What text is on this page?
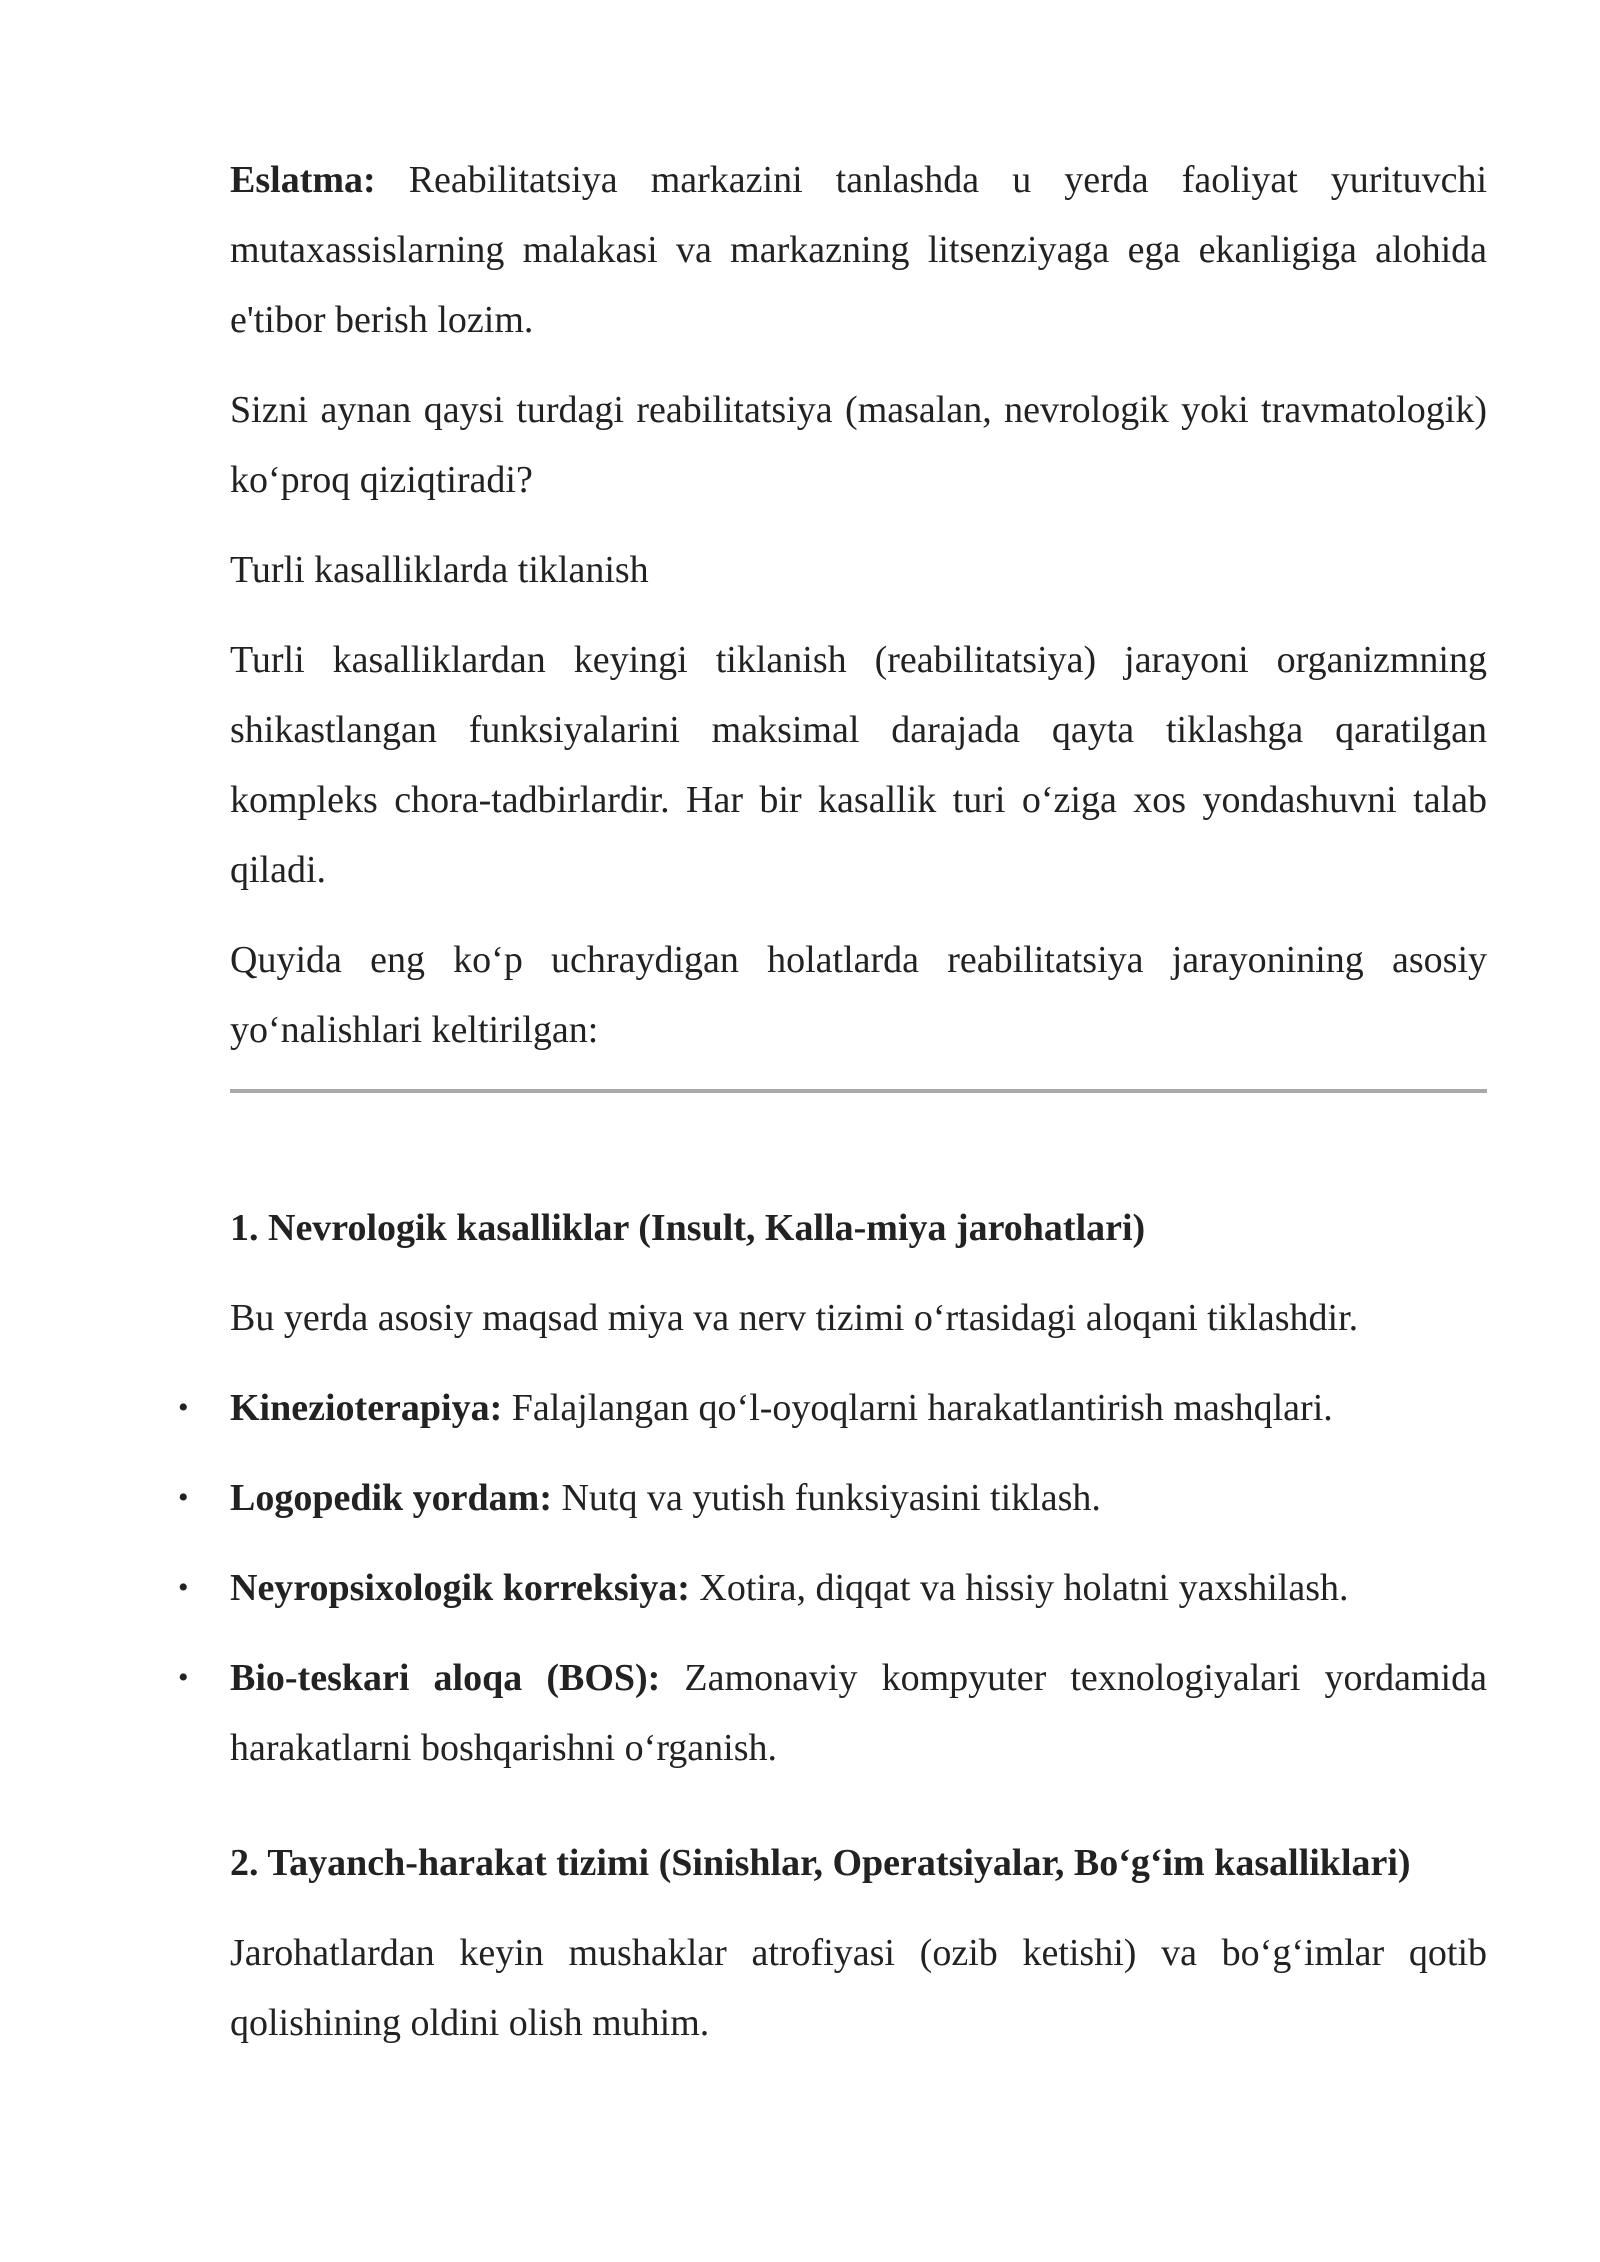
Eslatma: Reabilitatsiya markazini tanlashda u yerda faoliyat yurituvchi mutaxassislarning malakasi va markazning litsenziyaga ega ekanligiga alohida e'tibor berish lozim.

Sizni aynan qaysi turdagi reabilitatsiya (masalan, nevrologik yoki travmatologik) ko‘proq qiziqtiradi?

Turli kasalliklarda tiklanish

Turli kasalliklardan keyingi tiklanish (reabilitatsiya) jarayoni organizmning shikastlangan funksiyalarini maksimal darajada qayta tiklashga qaratilgan kompleks chora-tadbirlardir. Har bir kasallik turi o‘ziga xos yondashuvni talab qiladi.

Quyida eng ko‘p uchraydigan holatlarda reabilitatsiya jarayonining asosiy yo‘nalishlari keltirilgan:

1. Nevrologik kasalliklar (Insult, Kalla-miya jarohatlari)

Bu yerda asosiy maqsad miya va nerv tizimi o‘rtasidagi aloqani tiklashdir.

• Kinezioterapiya: Falajlangan qo‘l-oyoqlarni harakatlantirish mashqlari.
• Logopedik yordam: Nutq va yutish funksiyasini tiklash.
• Neyropsixologik korreksiya: Xotira, diqqat va hissiy holatni yaxshilash.
• Bio-teskari aloqa (BOS): Zamonaviy kompyuter texnologiyalari yordamida harakatlarni boshqarishni o‘rganish.
2. Tayanch-harakat tizimi (Sinishlar, Operatsiyalar, Bo‘g‘im kasalliklari)

Jarohatlardan keyin mushaklar atrofiyasi (ozib ketishi) va bo‘g‘imlar qotib qolishining oldini olish muhim.
